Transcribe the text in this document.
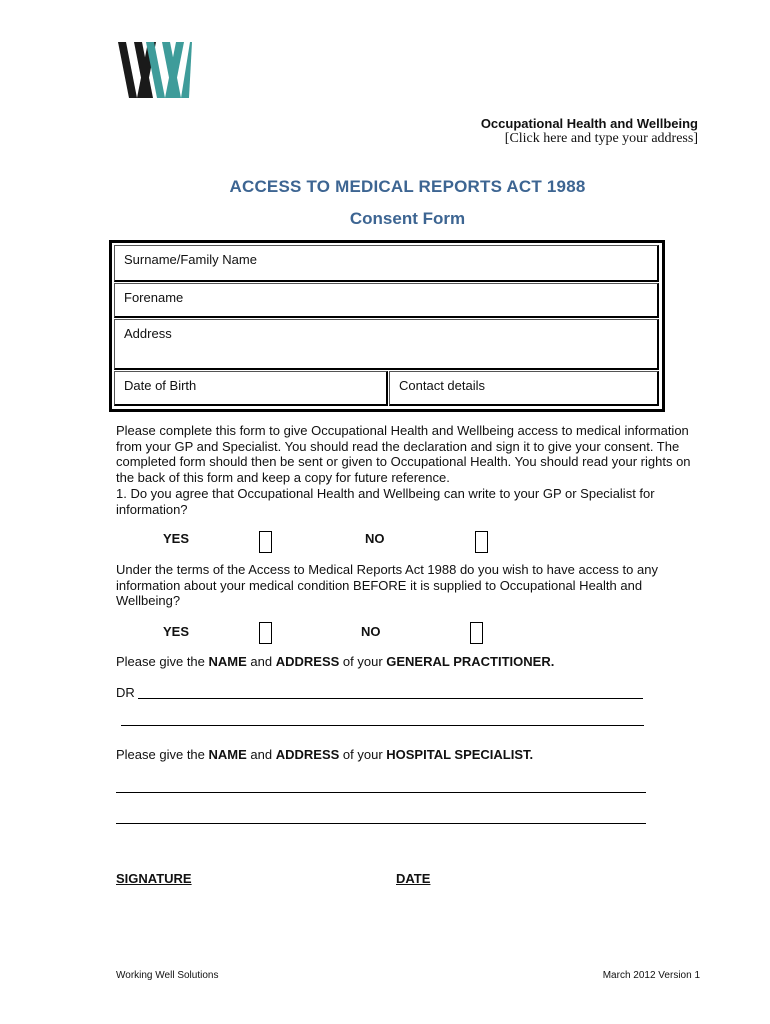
Occupational Health and Wellbeing
[Click here and type your address]
ACCESS TO MEDICAL REPORTS ACT 1988
Consent Form
Surname/Family Name
Forename
Address
Date of Birth	Contact details
Please complete this form to give Occupational Health and Wellbeing access to medical information from your GP and Specialist. You should read the declaration and sign it to give your consent. The completed form should then be sent or given to Occupational Health. You should read your rights on the back of this form and keep a copy for future reference.
1. Do you agree that Occupational Health and Wellbeing can write to your GP or Specialist for information?
YES	NO
Under the terms of the Access to Medical Reports Act 1988 do you wish to have access to any information about your medical condition BEFORE it is supplied to Occupational Health and Wellbeing?
YES	NO
Please give the NAME and ADDRESS of your GENERAL PRACTITIONER.
DR
Please give the NAME and ADDRESS of your HOSPITAL SPECIALIST.
SIGNATURE	DATE
Working Well Solutions	March 2012 Version 1
